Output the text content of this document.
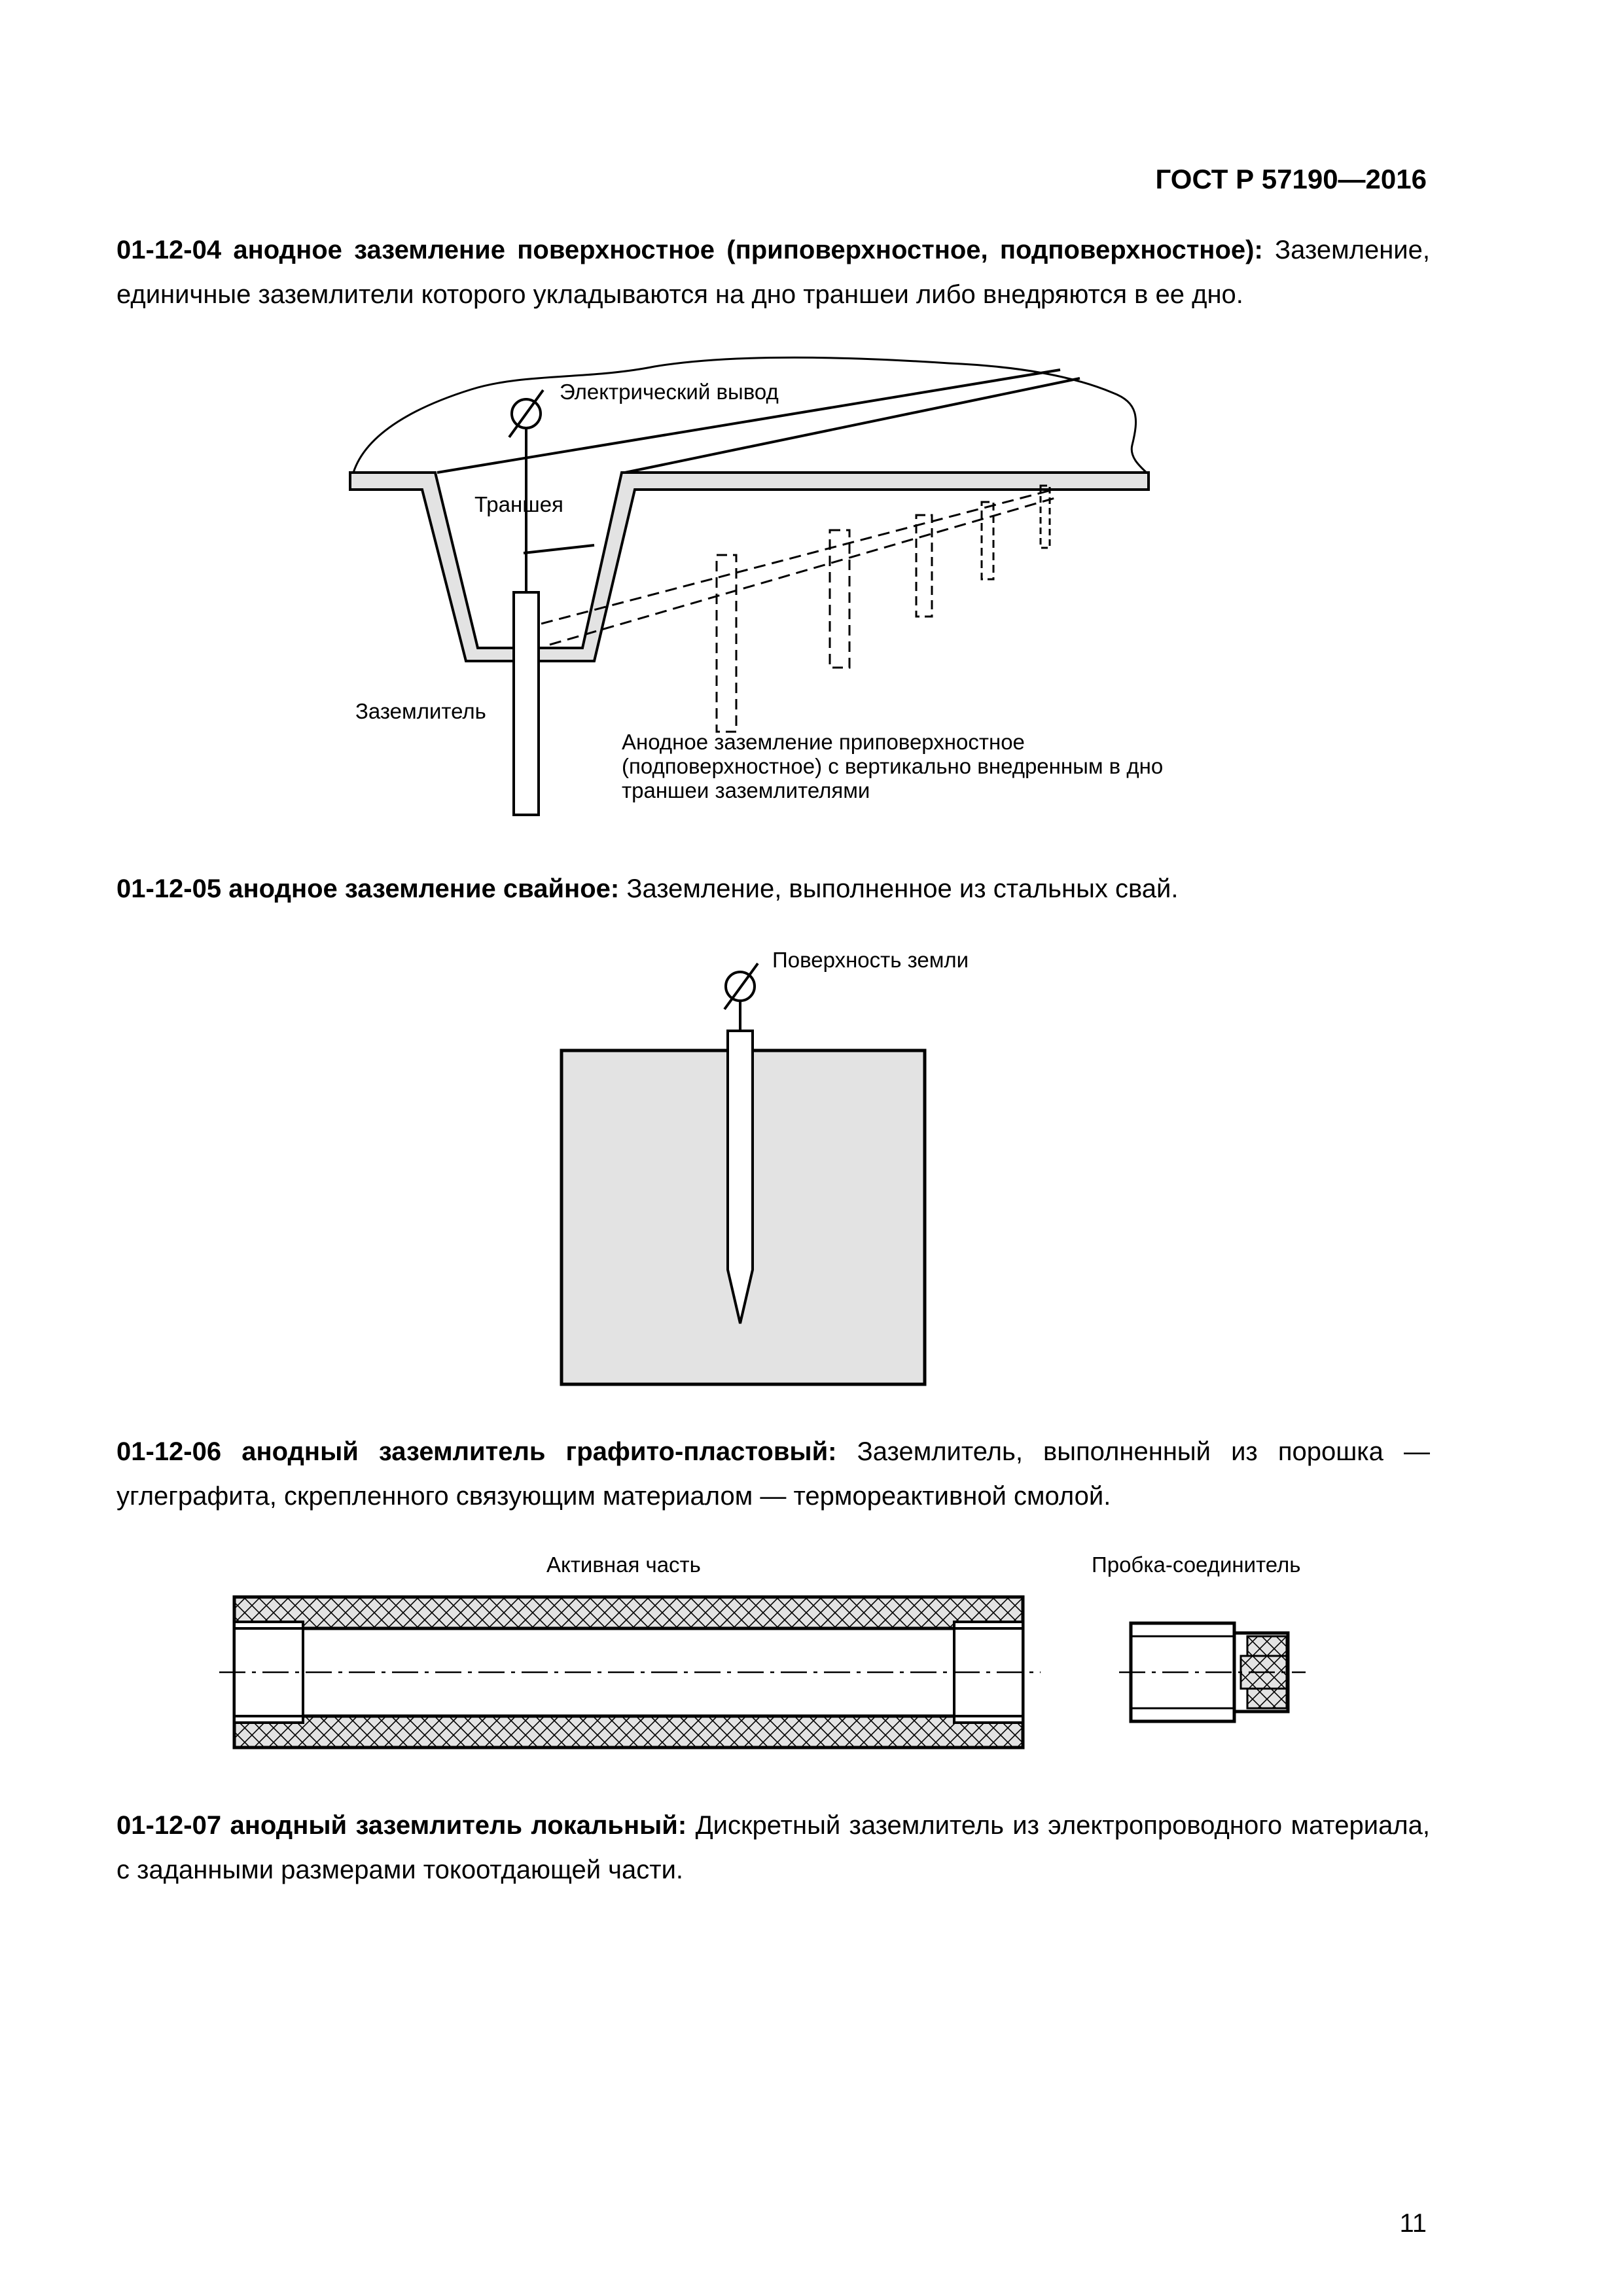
ГОСТ Р 57190—2016
01-12-04 анодное заземление поверхностное (приповерхностное, подповерхностное): Заземление, единичные заземлители которого укладываются на дно траншеи либо внедряются в ее дно.
Электрический вывод
Траншея
Заземлитель
Анодное заземление приповерхностное
(подповерхностное) с вертикально внедренным в дно
траншеи заземлителями
01-12-05 анодное заземление свайное: Заземление, выполненное из стальных свай.
Поверхность земли
01-12-06 анодный заземлитель графито-пластовый: Заземлитель, выполненный из порошка — углеграфита, скрепленного связующим материалом — термореактивной смолой.
Активная часть	Пробка-соединитель
01-12-07 анодный заземлитель локальный: Дискретный заземлитель из электропроводного материала, с заданными размерами токоотдающей части.
11
